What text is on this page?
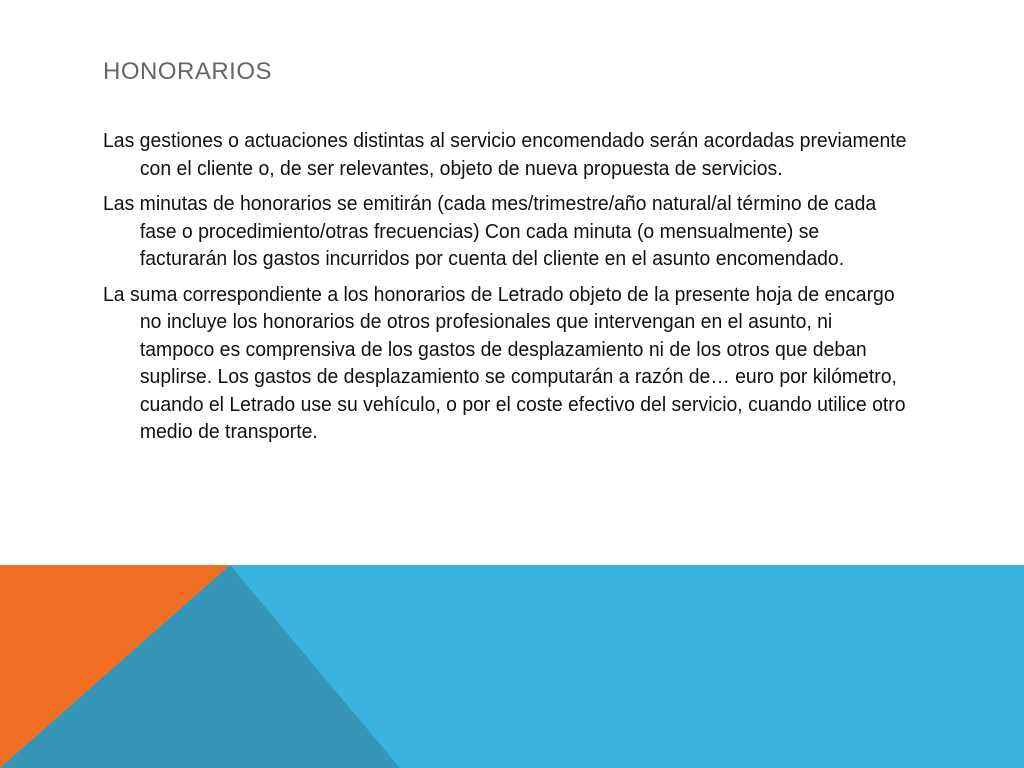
HONORARIOS
Las gestiones o actuaciones distintas al servicio encomendado serán acordadas previamente con el cliente o, de ser relevantes, objeto de nueva propuesta de servicios.
Las minutas de honorarios se emitirán (cada mes/trimestre/año natural/al término de cada fase o procedimiento/otras frecuencias) Con cada minuta (o mensualmente) se facturarán los gastos incurridos por cuenta del cliente en el asunto encomendado.
La suma correspondiente a los honorarios de Letrado objeto de la presente hoja de encargo no incluye los honorarios de otros profesionales que intervengan en el asunto, ni tampoco es comprensiva de los gastos de desplazamiento ni de los otros que deban suplirse. Los gastos de desplazamiento se computarán a razón de… euro por kilómetro, cuando el Letrado use su vehículo, o por el coste efectivo del servicio, cuando utilice otro medio de transporte.
